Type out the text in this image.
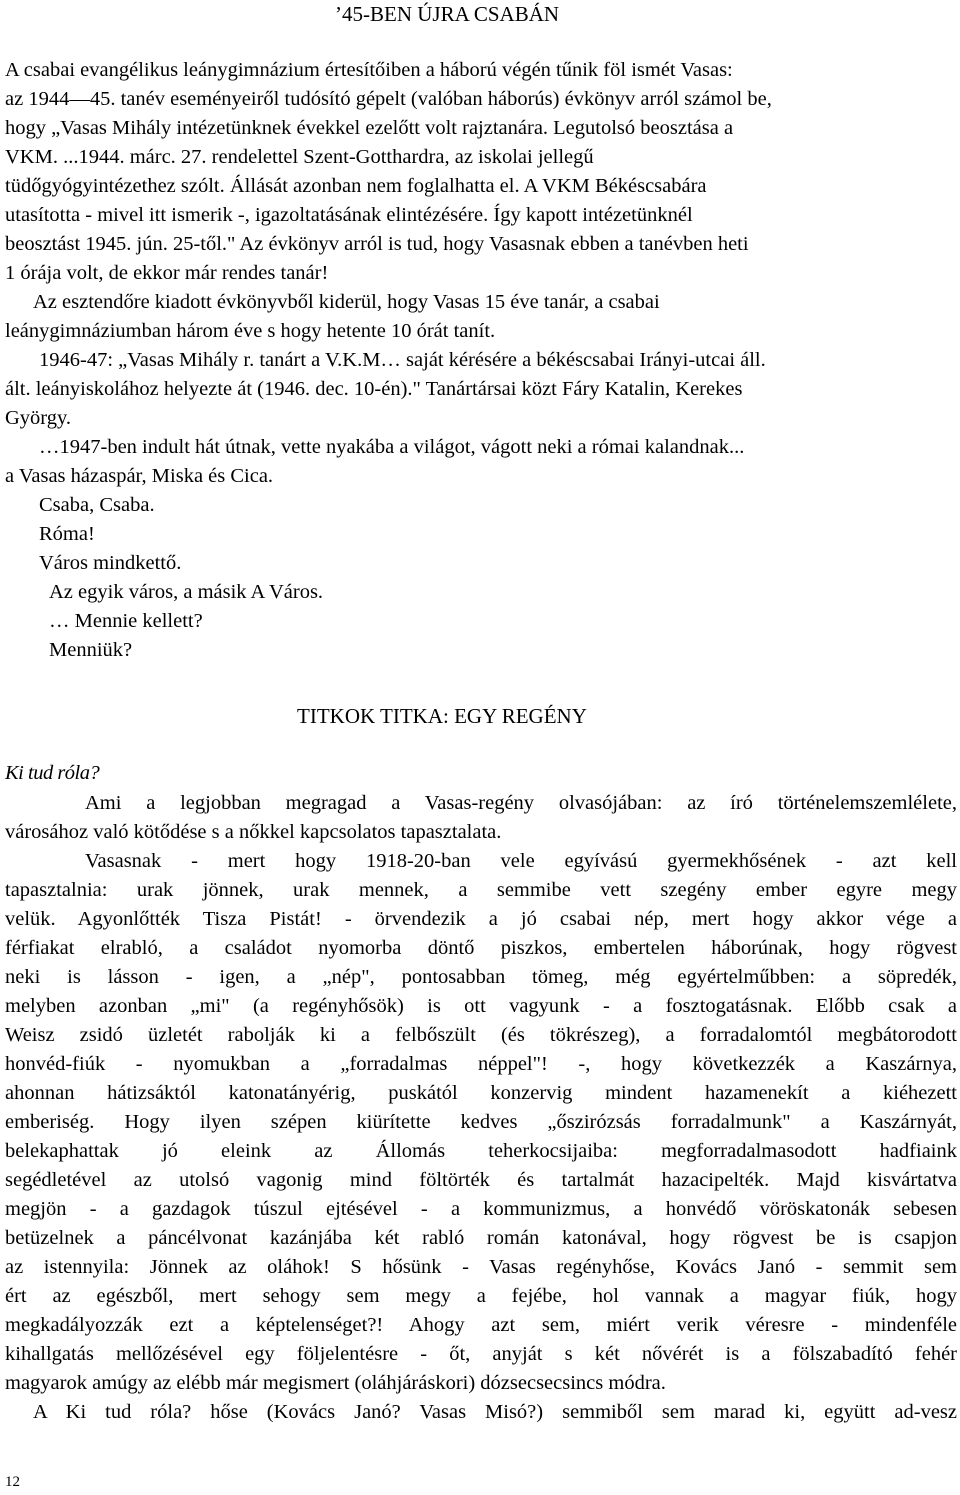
’45-BEN ÚJRA CSABÁN
A csabai evangélikus leánygimnázium értesítőiben a háború végén tűnik föl ismét Vasas:
az 1944—45. tanév eseményeiről tudósító gépelt (valóban háborús) évkönyv arról számol be,
hogy „Vasas Mihály intézetünknek évekkel ezelőtt volt rajztanára. Legutolsó beosztása a
VKM. ...1944. márc. 27. rendelettel Szent-Gotthardra, az iskolai jellegű
tüdőgyógyintézethez szólt. Állását azonban nem foglalhatta el. A VKM Békéscsabára
utasította - mivel itt ismerik -, igazoltatásának elintézésére. Így kapott intézetünknél
beosztást 1945. jún. 25-től." Az évkönyv arról is tud, hogy Vasasnak ebben a tanévben heti
1 órája volt, de ekkor már rendes tanár!
Az esztendőre kiadott évkönyvből kiderül, hogy Vasas 15 éve tanár, a csabai
leánygimnáziumban három éve s hogy hetente 10 órát tanít.
1946-47: „Vasas Mihály r. tanárt a V.K.M… saját kérésére a békéscsabai Irányi-utcai áll.
ált. leányiskolához helyezte át (1946. dec. 10-én)." Tanártársai közt Fáry Katalin, Kerekes
György.
…1947-ben indult hát útnak, vette nyakába a világot, vágott neki a római kalandnak...
a Vasas házaspár, Miska és Cica.
Csaba, Csaba.
Róma!
Város mindkettő.
Az egyik város, a másik A Város.
… Mennie kellett?
Menniük?
TITKOK TITKA: EGY REGÉNY

Ki tud róla?

Ami a legjobban megragad a Vasas-regény olvasójában: az író történelemszemlélete,
városához való kötődése s a nőkkel kapcsolatos tapasztalata.
Vasasnak - mert hogy 1918-20-ban vele egyívású gyermekhősének - azt kell
tapasztalnia: urak jönnek, urak mennek, a semmibe vett szegény ember egyre megy
velük. Agyonlőtték Tisza Pistát! - örvendezik a jó csabai nép, mert hogy akkor vége a
férfiakat elrabló, a családot nyomorba döntő piszkos, embertelen háborúnak, hogy rögvest
neki is lásson - igen, a „nép", pontosabban tömeg, még egyértelműbben: a söpredék,
melyben azonban „mi" (a regényhősök) is ott vagyunk - a fosztogatásnak. Előbb csak a
Weisz zsidó üzletét rabolják ki a felbőszült (és tökrészeg), a forradalomtól megbátorodott
honvéd-fiúk - nyomukban a „forradalmas néppel"! -, hogy következzék a Kaszárnya,
ahonnan hátizsáktól katonatányérig, puskától konzervig mindent hazamenekít a kiéhezett
emberiség. Hogy ilyen szépen kiürítette kedves „őszirózsás forradalmunk" a Kaszárnyát,
belekaphattak jó eleink az Állomás teherkocsijaiba: megforradalmasodott hadfiaink
segédletével az utolsó vagonig mind föltörték és tartalmát hazacipelték. Majd kisvártatva
megjön - a gazdagok túszul ejtésével - a kommunizmus, a honvédő vöröskatonák sebesen
betüzelnek a páncélvonat kazánjába két rabló román katonával, hogy rögvest be is csapjon
az istennyila: Jönnek az oláhok! S hősünk - Vasas regényhőse, Kovács Janó - semmit sem
ért az egészből, mert sehogy sem megy a fejébe, hol vannak a magyar fiúk, hogy
megkadályozzák ezt a képtelenséget?! Ahogy azt sem, miért verik véresre - mindenféle
kihallgatás mellőzésével egy följelentésre - őt, anyját s két nővérét is a fölszabadító fehér
magyarok amúgy az elébb már megismert (oláhjáráskori) dózsecsecsincs módra.
A Ki tud róla? hőse (Kovács Janó? Vasas Misó?) semmiből sem marad ki, együtt ad-vesz
12
